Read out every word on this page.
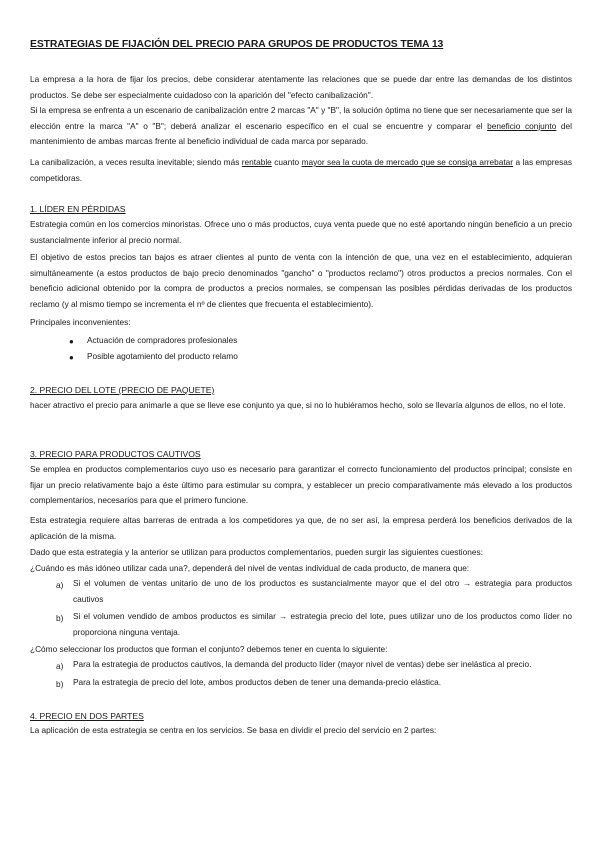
ESTRATEGIAS DE FIJACIÓN DEL PRECIO PARA GRUPOS DE PRODUCTOS TEMA 13

La empresa a la hora de fijar los precios, debe considerar atentamente las relaciones que se puede dar entre las demandas de los distintos productos. Se debe ser especialmente cuidadoso con la aparición del "efecto canibalización".

Si la empresa se enfrenta a un escenario de canibalización entre 2 marcas "A" y "B", la solución óptima no tiene que ser necesariamente que ser la elección entre la marca "A" o "B"; deberá analizar el escenario específico en el cual se encuentre y comparar el beneficio conjunto del mantenimiento de ambas marcas frente al beneficio individual de cada marca por separado.

La canibalización, a veces resulta inevitable; siendo más rentable cuanto mayor sea la cuota de mercado que se consiga arrebatar a las empresas competidoras.

1. LÍDER EN PÉRDIDAS

Estrategia común en los comercios minoristas. Ofrece uno o más productos, cuya venta puede que no esté aportando ningún beneficio a un precio sustancialmente inferior al precio normal.

El objetivo de estos precios tan bajos es atraer clientes al punto de venta con la intención de que, una vez en el establecimiento, adquieran simultáneamente (a estos productos de bajo precio denominados "gancho" o "productos reclamo") otros productos a precios normales. Con el beneficio adicional obtenido por la compra de productos a precios normales, se compensan las posibles pérdidas derivadas de los productos reclamo (y al mismo tiempo se incrementa el nº de clientes que frecuenta el establecimiento).

Principales inconvenientes:

● Actuación de compradores profesionales
● Posible agotamiento del producto relamo
2. PRECIO DEL LOTE (PRECIO DE PAQUETE)

hacer atractivo el precio para animarle a que se lleve ese conjunto ya que, si no lo hubiéramos hecho, solo se llevaría algunos de ellos, no el lote.

3. PRECIO PARA PRODUCTOS CAUTIVOS

Se emplea en productos complementarios cuyo uso es necesario para garantizar el correcto funcionamiento del productos principal; consiste en fijar un precio relativamente bajo a éste último para estimular su compra, y establecer un precio comparativamente más elevado a los productos complementarios, necesarios para que el primero funcione.

Esta estrategia requiere altas barreras de entrada a los competidores ya que, de no ser así, la empresa perderá los beneficios derivados de la aplicación de la misma.

Dado que esta estrategia y la anterior se utilizan para productos complementarios, pueden surgir las siguientes cuestiones:

¿Cuándo es más idóneo utilizar cada una?, dependerá del nivel de ventas individual de cada producto, de manera que:

a) Si el volumen de ventas unitario de uno de los productos es sustancialmente mayor que el del otro → estrategia para productos cautivos

b) Si el volumen vendido de ambos productos es similar → estrategia precio del lote, pues utilizar uno de los productos como líder no proporciona ninguna ventaja.

¿Cómo seleccionar los productos que forman el conjunto? debemos tener en cuenta lo siguiente:

a) Para la estrategia de productos cautivos, la demanda del producto líder (mayor nivel de ventas) debe ser inelástica al precio.

b) Para la estrategia de precio del lote, ambos productos deben de tener una demanda-precio elástica.

4. PRECIO EN DOS PARTES

La aplicación de esta estrategia se centra en los servicios. Se basa en dividir el precio del servicio en 2 partes:
